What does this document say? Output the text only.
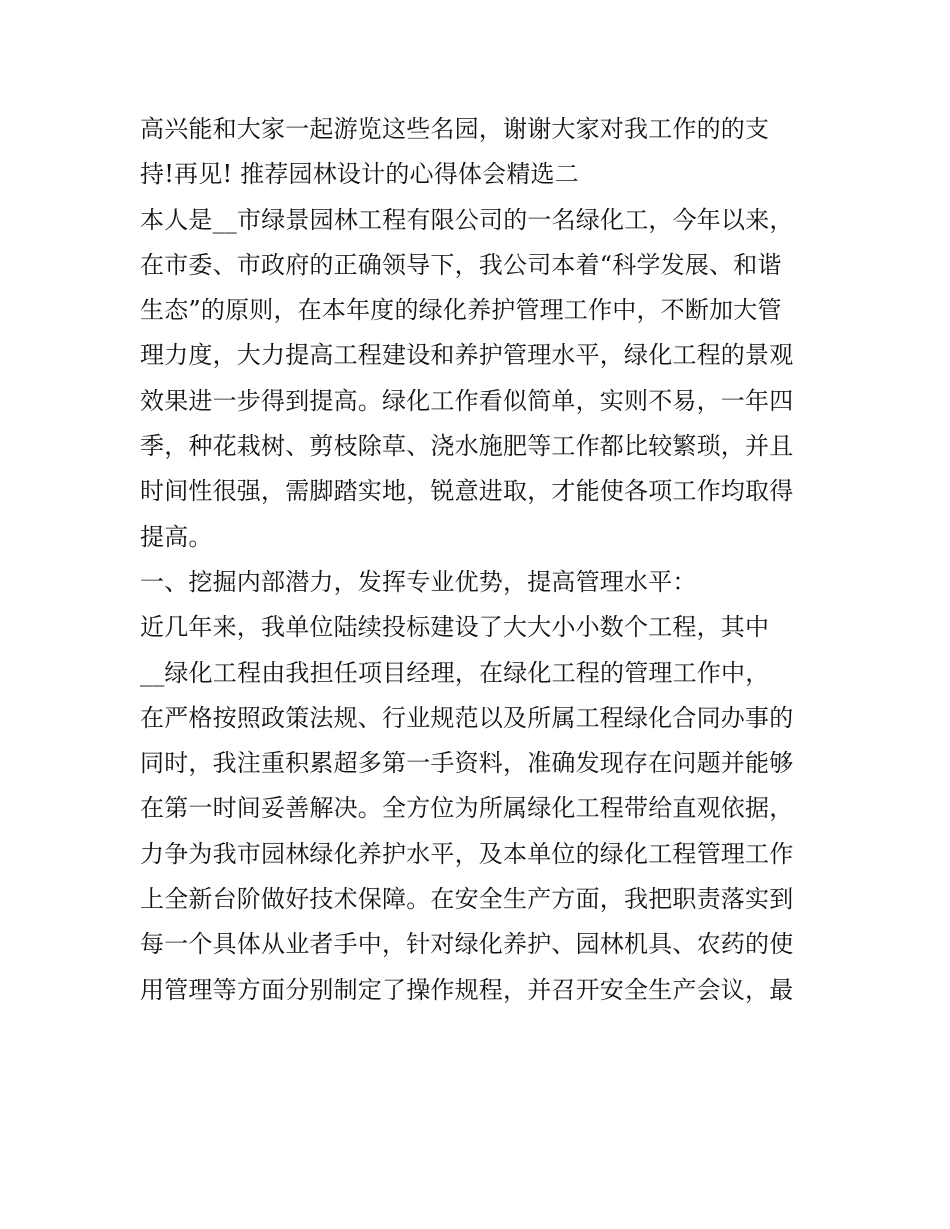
高兴能和大家一起游览这些名园，谢谢大家对我工作的的支
持!再见! 推荐园林设计的心得体会精选二
本人是__市绿景园林工程有限公司的一名绿化工，今年以来，
在市委、市政府的正确领导下，我公司本着“科学发展、和谐
生态”的原则，在本年度的绿化养护管理工作中，不断加大管
理力度，大力提高工程建设和养护管理水平，绿化工程的景观
效果进一步得到提高。绿化工作看似简单，实则不易，一年四
季，种花栽树、剪枝除草、浇水施肥等工作都比较繁琐，并且
时间性很强，需脚踏实地，锐意进取，才能使各项工作均取得
提高。
一、挖掘内部潜力，发挥专业优势，提高管理水平：
近几年来，我单位陆续投标建设了大大小小数个工程，其中
__绿化工程由我担任项目经理，在绿化工程的管理工作中，
在严格按照政策法规、行业规范以及所属工程绿化合同办事的
同时，我注重积累超多第一手资料，准确发现存在问题并能够
在第一时间妥善解决。全方位为所属绿化工程带给直观依据，
力争为我市园林绿化养护水平，及本单位的绿化工程管理工作
上全新台阶做好技术保障。在安全生产方面，我把职责落实到
每一个具体从业者手中，针对绿化养护、园林机具、农药的使
用管理等方面分别制定了操作规程，并召开安全生产会议，最
